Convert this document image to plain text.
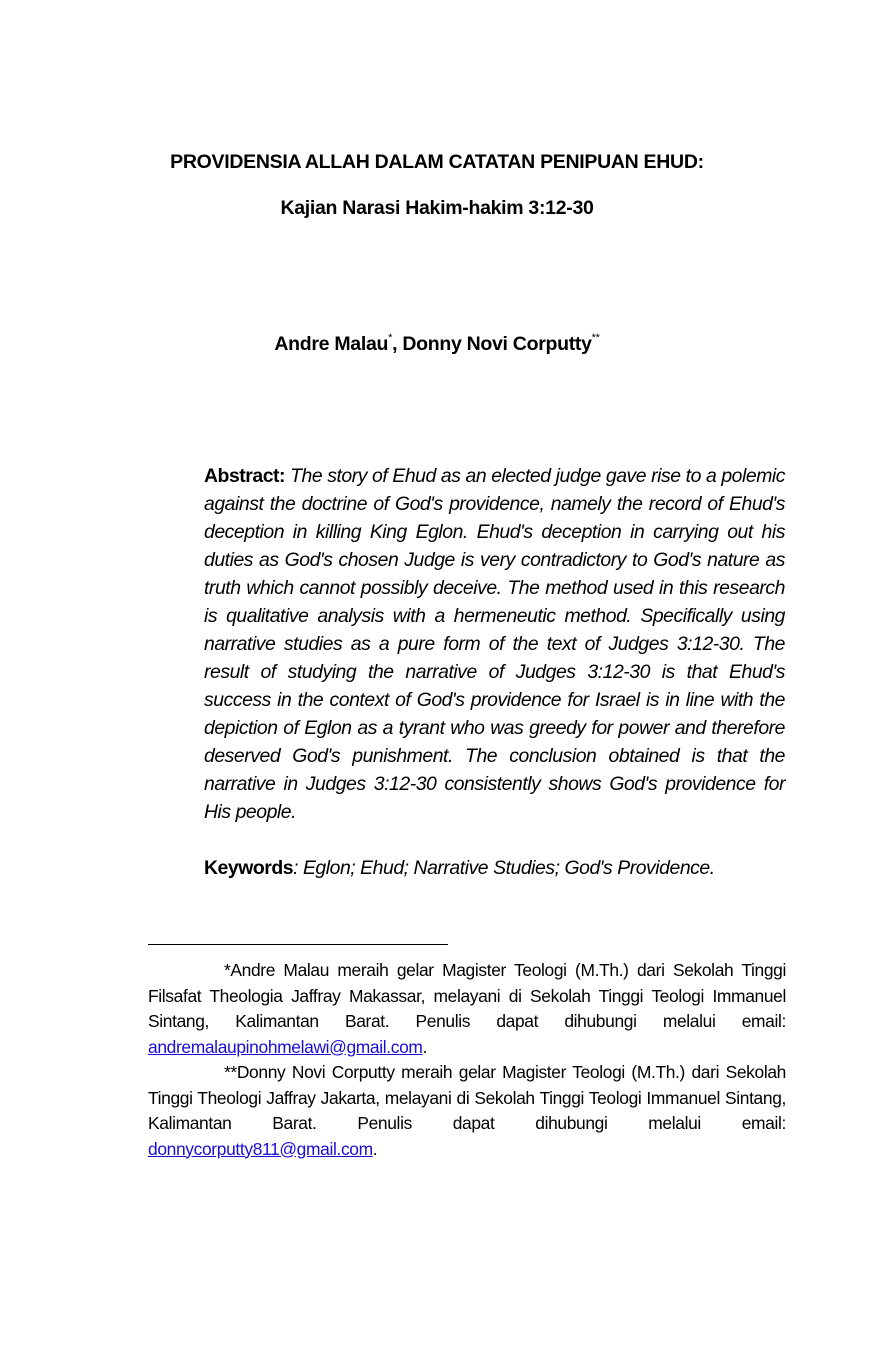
PROVIDENSIA ALLAH DALAM CATATAN PENIPUAN EHUD:
Kajian Narasi Hakim-hakim 3:12-30
Andre Malau*, Donny Novi Corputty**
Abstract: The story of Ehud as an elected judge gave rise to a polemic against the doctrine of God's providence, namely the record of Ehud's deception in killing King Eglon. Ehud's deception in carrying out his duties as God's chosen Judge is very contradictory to God's nature as truth which cannot possibly deceive. The method used in this research is qualitative analysis with a hermeneutic method. Specifically using narrative studies as a pure form of the text of Judges 3:12-30. The result of studying the narrative of Judges 3:12-30 is that Ehud's success in the context of God's providence for Israel is in line with the depiction of Eglon as a tyrant who was greedy for power and therefore deserved God's punishment. The conclusion obtained is that the narrative in Judges 3:12-30 consistently shows God's providence for His people.
Keywords: Eglon; Ehud; Narrative Studies; God's Providence.

*Andre Malau meraih gelar Magister Teologi (M.Th.) dari Sekolah Tinggi Filsafat Theologia Jaffray Makassar, melayani di Sekolah Tinggi Teologi Immanuel Sintang, Kalimantan Barat. Penulis dapat dihubungi melalui email: andremalaupinohmelawi@gmail.com.

**Donny Novi Corputty meraih gelar Magister Teologi (M.Th.) dari Sekolah Tinggi Theologi Jaffray Jakarta, melayani di Sekolah Tinggi Teologi Immanuel Sintang, Kalimantan Barat. Penulis dapat dihubungi melalui email: donnycorputty811@gmail.com.
